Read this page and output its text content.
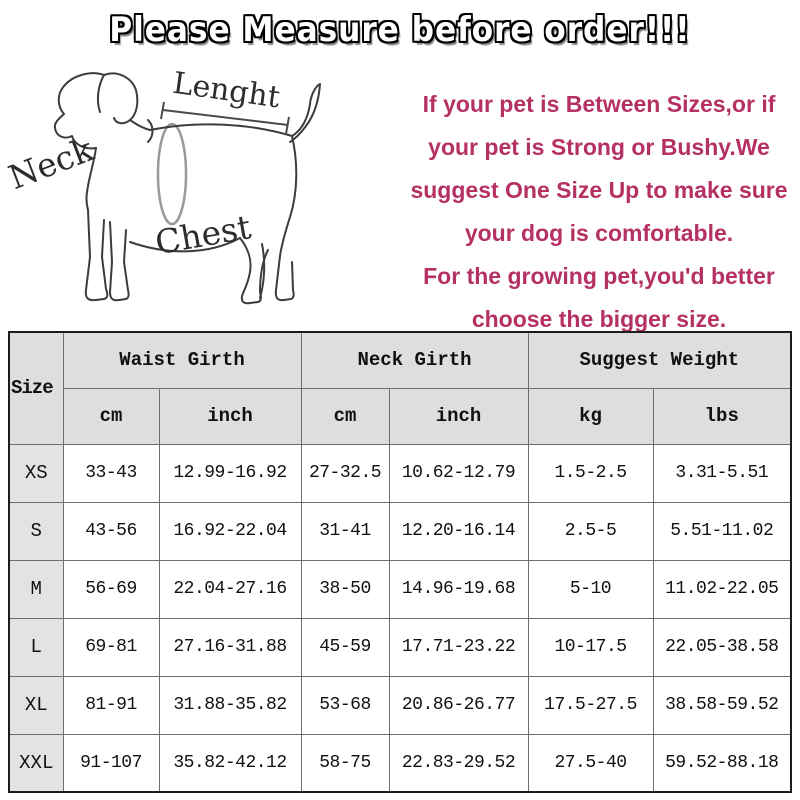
Please Measure before order!!!
Neck
Lenght
Chest
If your pet is Between Sizes,or if
your pet is Strong or Bushy.We
suggest One Size Up to make sure
your dog is comfortable.
For the growing pet,you'd better
choose the bigger size.
Size	Waist Girth		Neck Girth		Suggest Weight	
	cm	inch	cm	inch	kg	lbs
XS	33-43	12.99-16.92	27-32.5	10.62-12.79	1.5-2.5	3.31-5.51
S	43-56	16.92-22.04	31-41	12.20-16.14	2.5-5	5.51-11.02
M	56-69	22.04-27.16	38-50	14.96-19.68	5-10	11.02-22.05
L	69-81	27.16-31.88	45-59	17.71-23.22	10-17.5	22.05-38.58
XL	81-91	31.88-35.82	53-68	20.86-26.77	17.5-27.5	38.58-59.52
XXL	91-107	35.82-42.12	58-75	22.83-29.52	27.5-40	59.52-88.18
